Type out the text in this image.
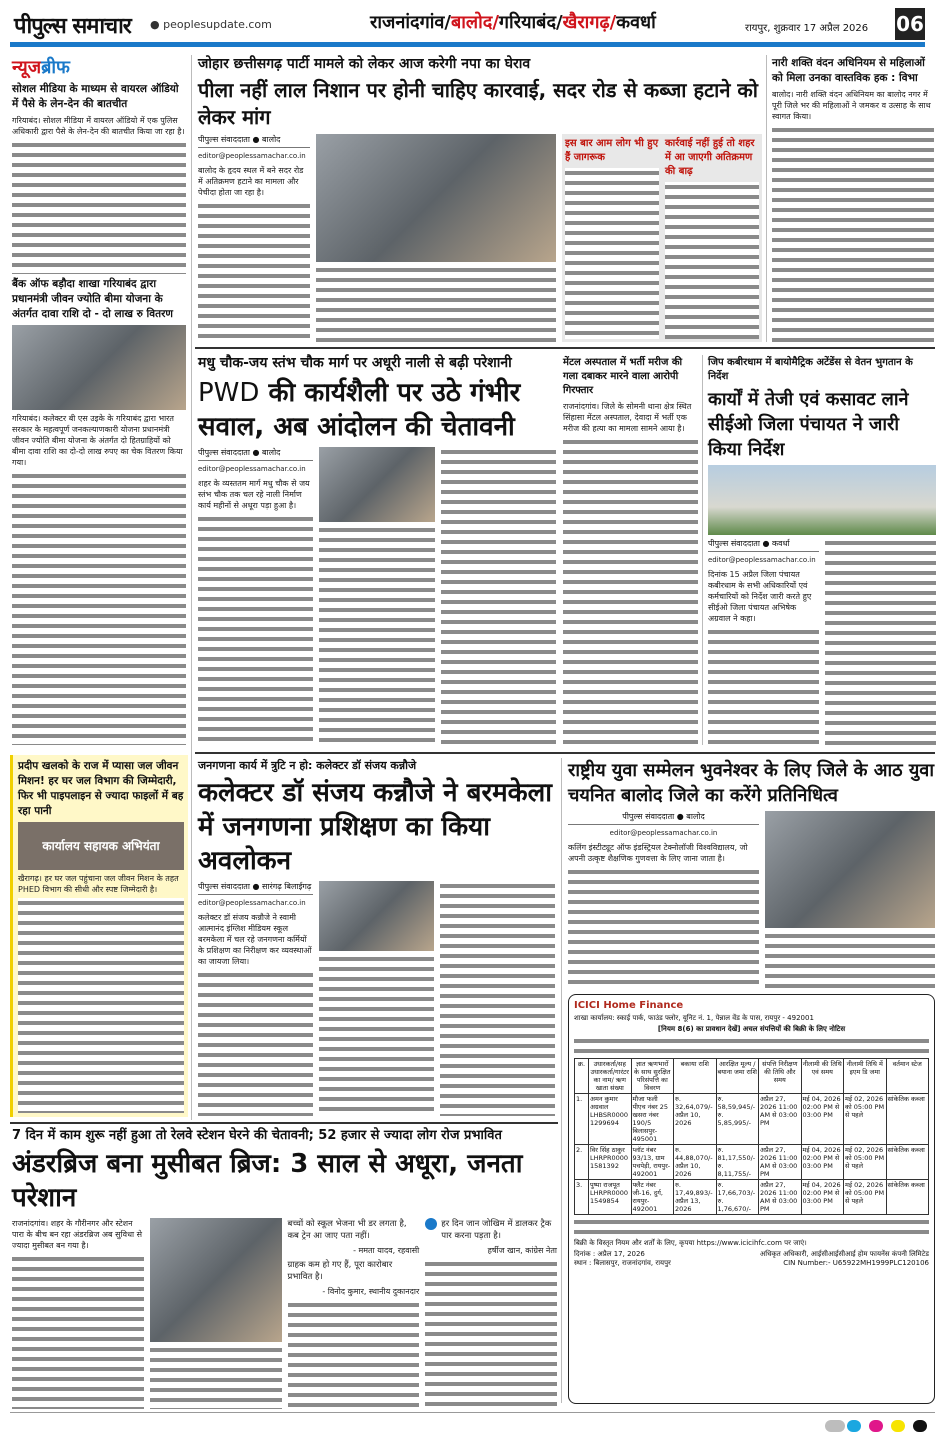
पीपुल्स समाचार ● peoplesupdate.com	राजनांदगांव/बालोद/गरियाबंद/खैरागढ़/कवर्धा	रायपुर, शुक्रवार 17 अप्रैल 2026 06
न्यूजब्रीफ
सोशल मीडिया के माध्यम से वायरल ऑडियो में पैसे के लेन-देन की बातचीत
गरियाबंद। सोशल मीडिया में वायरल ऑडियो में एक पुलिस अधिकारी द्वारा पैसे के लेन-देन की बातचीत किया जा रहा है।
बैंक ऑफ बड़ौदा शाखा गरियाबंद द्वारा प्रधानमंत्री जीवन ज्योति बीमा योजना के अंतर्गत दावा राशि दो - दो लाख रु वितरण
गरियाबंद। कलेक्टर बी एस उइके के गरियाबंद द्वारा भारत सरकार के महत्वपूर्ण जनकल्याणकारी योजना प्रधानमंत्री जीवन ज्योति बीमा योजना के अंतर्गत दो हितग्राहियों को बीमा दावा राशि का दो-दो लाख रुपए का चेक वितरण किया गया।
प्रदीप खलको के राज में प्यासा जल जीवन मिशन! हर घर जल विभाग की जिम्मेदारी, फिर भी पाइपलाइन से ज्यादा फाइलों में बह रहा पानी
कार्यालय सहायक अभियंता
खैरागढ़। हर घर जल पहुंचाना जल जीवन मिशन के तहत PHED विभाग की सीधी और स्पष्ट जिम्मेदारी है।
जोहार छत्तीसगढ़ पार्टी मामले को लेकर आज करेगी नपा का घेराव
पीला नहीं लाल निशान पर होनी चाहिए कारवाई, सदर रोड से कब्जा हटाने को लेकर मांग
पीपुल्स संवाददाता ● बालोद
editor@peoplessamachar.co.in
बालोद के हृदय स्थल में बने सदर रोड में अतिक्रमण हटाने का मामला और पेचीदा होता जा रहा है।
इस बार आम लोग भी हुए हैं जागरूक
कार्रवाई नहीं हुई तो शहर में आ जाएगी अतिक्रमण की बाढ़
नारी शक्ति वंदन अधिनियम से महिलाओं को मिला उनका वास्तविक हक : विभा
बालोद। नारी शक्ति वंदन अधिनियम का बालोद नगर में पूरी जिले भर की महिलाओं ने जमकर व उत्साह के साथ स्वागत किया।
मधु चौक-जय स्तंभ चौक मार्ग पर अधूरी नाली से बढ़ी परेशानी
PWD की कार्यशैली पर उठे गंभीर सवाल, अब आंदोलन की चेतावनी
पीपुल्स संवाददाता ● बालोद
editor@peoplessamachar.co.in
शहर के व्यस्ततम मार्ग मधु चौक से जय स्तंभ चौक तक चल रहे नाली निर्माण कार्य महीनों से अधूरा पड़ा हुआ है।
मेंटल अस्पताल में भर्ती मरीज की गला दबाकर मारने वाला आरोपी गिरफ्तार
राजनांदगांव। जिले के सोमनी थाना क्षेत्र स्थित सिंहासा मेंटल अस्पताल, देवादा में भर्ती एक मरीज की हत्या का मामला सामने आया है।
जिप कबीरधाम में बायोमैट्रिक अटेंडेंस से वेतन भुगतान के निर्देश
कार्यों में तेजी एवं कसावट लाने सीईओ जिला पंचायत ने जारी किया निर्देश
पीपुल्स संवाददाता ● कवर्धा
editor@peoplessamachar.co.in
दिनांक 15 अप्रैल जिला पंचायत कबीरधाम के सभी अधिकारियों एवं कर्मचारियों को निर्देश जारी करते हुए सीईओ जिला पंचायत अभिषेक अग्रवाल ने कहा।
जनगणना कार्य में त्रुटि न हो: कलेक्टर डॉ संजय कन्नौजे
कलेक्टर डॉ संजय कन्नौजे ने बरमकेला में जनगणना प्रशिक्षण का किया अवलोकन
पीपुल्स संवाददाता ● सारंगढ़ बिलाईगढ़
editor@peoplessamachar.co.in
कलेक्टर डॉ संजय कन्नौजे ने स्वामी आत्मानंद इंग्लिश मीडियम स्कूल बरमकेला में चल रहे जनगणना कर्मियों के प्रशिक्षण का निरीक्षण कर व्यवस्थाओं का जायजा लिया।
राष्ट्रीय युवा सम्मेलन भुवनेश्वर के लिए जिले के आठ युवा चयनित बालोद जिले का करेंगे प्रतिनिधित्व
पीपुल्स संवाददाता ● बालोद
editor@peoplessamachar.co.in
कलिंग इंस्टीट्यूट ऑफ इंडस्ट्रियल टेक्नोलॉजी विश्वविद्यालय, जो अपनी उत्कृष्ट शैक्षणिक गुणवत्ता के लिए जाना जाता है।
ICICI Home Finance
शाखा कार्यालय: स्काई पार्क, फाउंड फ्लोर, यूनिट नं. 1, पेन्नाल वेंड के पास, रायपुर - 492001
[नियम 8(6) का प्रावधान देखें] अचल संपत्तियों की बिक्री के लिए नोटिस
क्र.	उधारकर्ता/सह उधारकर्ता/गारंटर का नाम/ ऋण खाता संख्या	ज्ञात ऋणभारों के साथ सुरक्षित परिसंपत्ति का विवरण	बकाया राशि	आरक्षित मूल्य / बयाना जमा राशि	संपत्ति निरीक्षण की तिथि और समय	नीलामी की तिथि एवं समय	नीलामी तिथि में इएम डि जमा	वर्तमान स्टेज
1.	अमन कुमार अग्रवाल LHBSR00001299694	मौजा फली पीएच नंबर 25 खसरा नंबर 190/5 बिलासपुर- 495001	रु. 32,64,079/- अप्रैल 10, 2026	रु. 58,59,945/- रु. 5,85,995/-	अप्रैल 27, 2026 11:00 AM से 03:00 PM	मई 04, 2026 02:00 PM से 03:00 PM	मई 02, 2026 को 05:00 PM से पहले	सांकेतिक कब्जा
2.	विर सिंह ठाकुर LHRPR00001581392	प्लॉट नंबर 93/13, ग्राम पचपेड़ी, रायपुर- 492001	रु. 44,88,070/- अप्रैल 10, 2026	रु. 81,17,550/- रु. 8,11,755/-	अप्रैल 27, 2026 11:00 AM से 03:00 PM	मई 04, 2026 02:00 PM से 03:00 PM	मई 02, 2026 को 05:00 PM से पहले	सांकेतिक कब्जा
3.	पुष्पा राजपूत LHRPR00001549854	फ्लैट नंबर जी-16, दुर्ग, रायपुर- 492001	रु. 17,49,893/- अप्रैल 13, 2026	रु. 17,66,703/- रु. 1,76,670/-	अप्रैल 27, 2026 11:00 AM से 03:00 PM	मई 04, 2026 02:00 PM से 03:00 PM	मई 02, 2026 को 05:00 PM से पहले	सांकेतिक कब्जा
बिक्री के विस्तृत नियम और शर्तों के लिए, कृपया https://www.icicihfc.com पर जाएं।
दिनांक : अप्रैल 17, 2026
स्थान : बिलासपुर, राजनांदगांव, रायपुर
अधिकृत अधिकारी, आईसीआईसीआई होम फायनेंस कंपनी लिमिटेड
CIN Number:- U65922MH1999PLC120106
7 दिन में काम शुरू नहीं हुआ तो रेलवे स्टेशन घेरने की चेतावनी; 52 हजार से ज्यादा लोग रोज प्रभावित
अंडरब्रिज बना मुसीबत ब्रिज: 3 साल से अधूरा, जनता परेशान
राजनांदगांव। शहर के गौरीनगर और स्टेशन पारा के बीच बन रहा अंडरब्रिज अब सुविधा से ज्यादा मुसीबत बन गया है।
बच्चों को स्कूल भेजना भी डर लगता है, कब ट्रेन आ जाए पता नहीं।
- ममता यादव, रहवासी
ग्राहक कम हो गए हैं, पूरा कारोबार प्रभावित है।
- विनोद कुमार, स्थानीय दुकानदार
हर दिन जान जोखिम में डालकर ट्रैक पार करना पड़ता है।
हर्षीज खान, कांग्रेस नेता
